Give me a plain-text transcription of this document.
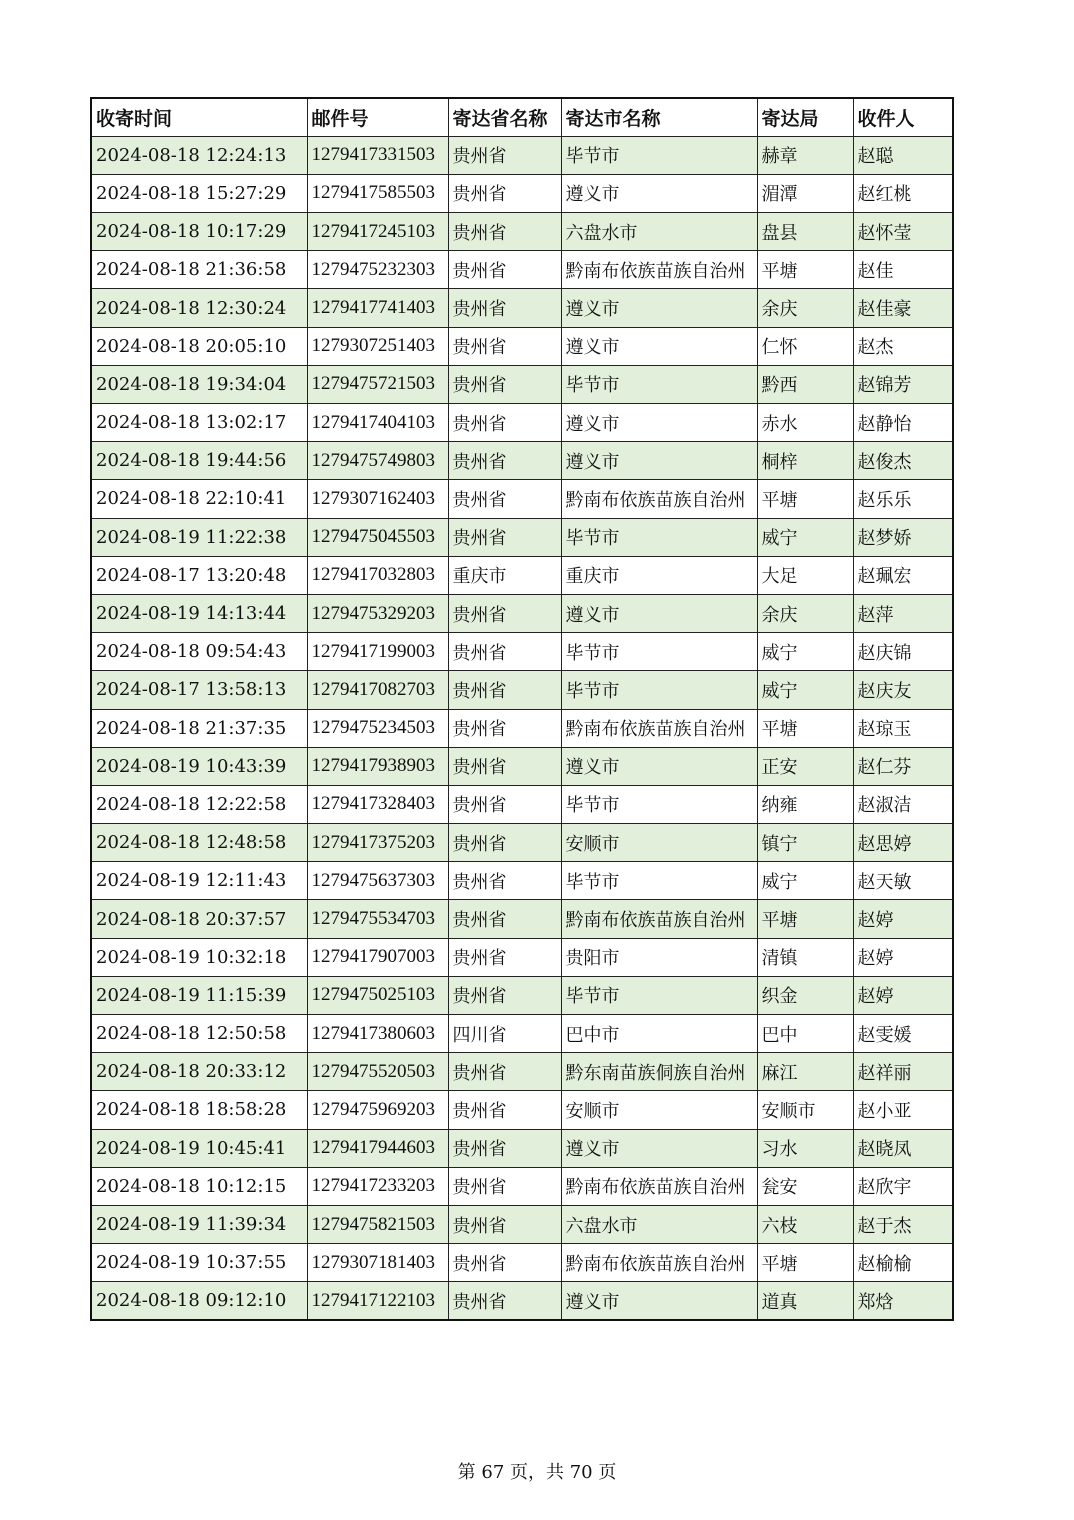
收寄时间	邮件号	寄达省名称	寄达市名称	寄达局	收件人
2024-08-18 12:24:13	1279417331503	贵州省	毕节市	赫章	赵聪
2024-08-18 15:27:29	1279417585503	贵州省	遵义市	湄潭	赵红桃
2024-08-18 10:17:29	1279417245103	贵州省	六盘水市	盘县	赵怀莹
2024-08-18 21:36:58	1279475232303	贵州省	黔南布依族苗族自治州	平塘	赵佳
2024-08-18 12:30:24	1279417741403	贵州省	遵义市	余庆	赵佳豪
2024-08-18 20:05:10	1279307251403	贵州省	遵义市	仁怀	赵杰
2024-08-18 19:34:04	1279475721503	贵州省	毕节市	黔西	赵锦芳
2024-08-18 13:02:17	1279417404103	贵州省	遵义市	赤水	赵静怡
2024-08-18 19:44:56	1279475749803	贵州省	遵义市	桐梓	赵俊杰
2024-08-18 22:10:41	1279307162403	贵州省	黔南布依族苗族自治州	平塘	赵乐乐
2024-08-19 11:22:38	1279475045503	贵州省	毕节市	威宁	赵梦娇
2024-08-17 13:20:48	1279417032803	重庆市	重庆市	大足	赵珮宏
2024-08-19 14:13:44	1279475329203	贵州省	遵义市	余庆	赵萍
2024-08-18 09:54:43	1279417199003	贵州省	毕节市	威宁	赵庆锦
2024-08-17 13:58:13	1279417082703	贵州省	毕节市	威宁	赵庆友
2024-08-18 21:37:35	1279475234503	贵州省	黔南布依族苗族自治州	平塘	赵琼玉
2024-08-19 10:43:39	1279417938903	贵州省	遵义市	正安	赵仁芬
2024-08-18 12:22:58	1279417328403	贵州省	毕节市	纳雍	赵淑洁
2024-08-18 12:48:58	1279417375203	贵州省	安顺市	镇宁	赵思婷
2024-08-19 12:11:43	1279475637303	贵州省	毕节市	威宁	赵天敏
2024-08-18 20:37:57	1279475534703	贵州省	黔南布依族苗族自治州	平塘	赵婷
2024-08-19 10:32:18	1279417907003	贵州省	贵阳市	清镇	赵婷
2024-08-19 11:15:39	1279475025103	贵州省	毕节市	织金	赵婷
2024-08-18 12:50:58	1279417380603	四川省	巴中市	巴中	赵雯媛
2024-08-18 20:33:12	1279475520503	贵州省	黔东南苗族侗族自治州	麻江	赵祥丽
2024-08-18 18:58:28	1279475969203	贵州省	安顺市	安顺市	赵小亚
2024-08-19 10:45:41	1279417944603	贵州省	遵义市	习水	赵晓凤
2024-08-18 10:12:15	1279417233203	贵州省	黔南布依族苗族自治州	瓮安	赵欣宇
2024-08-19 11:39:34	1279475821503	贵州省	六盘水市	六枝	赵于杰
2024-08-19 10:37:55	1279307181403	贵州省	黔南布依族苗族自治州	平塘	赵榆榆
2024-08-18 09:12:10	1279417122103	贵州省	遵义市	道真	郑焓
第 67 页，共 70 页
